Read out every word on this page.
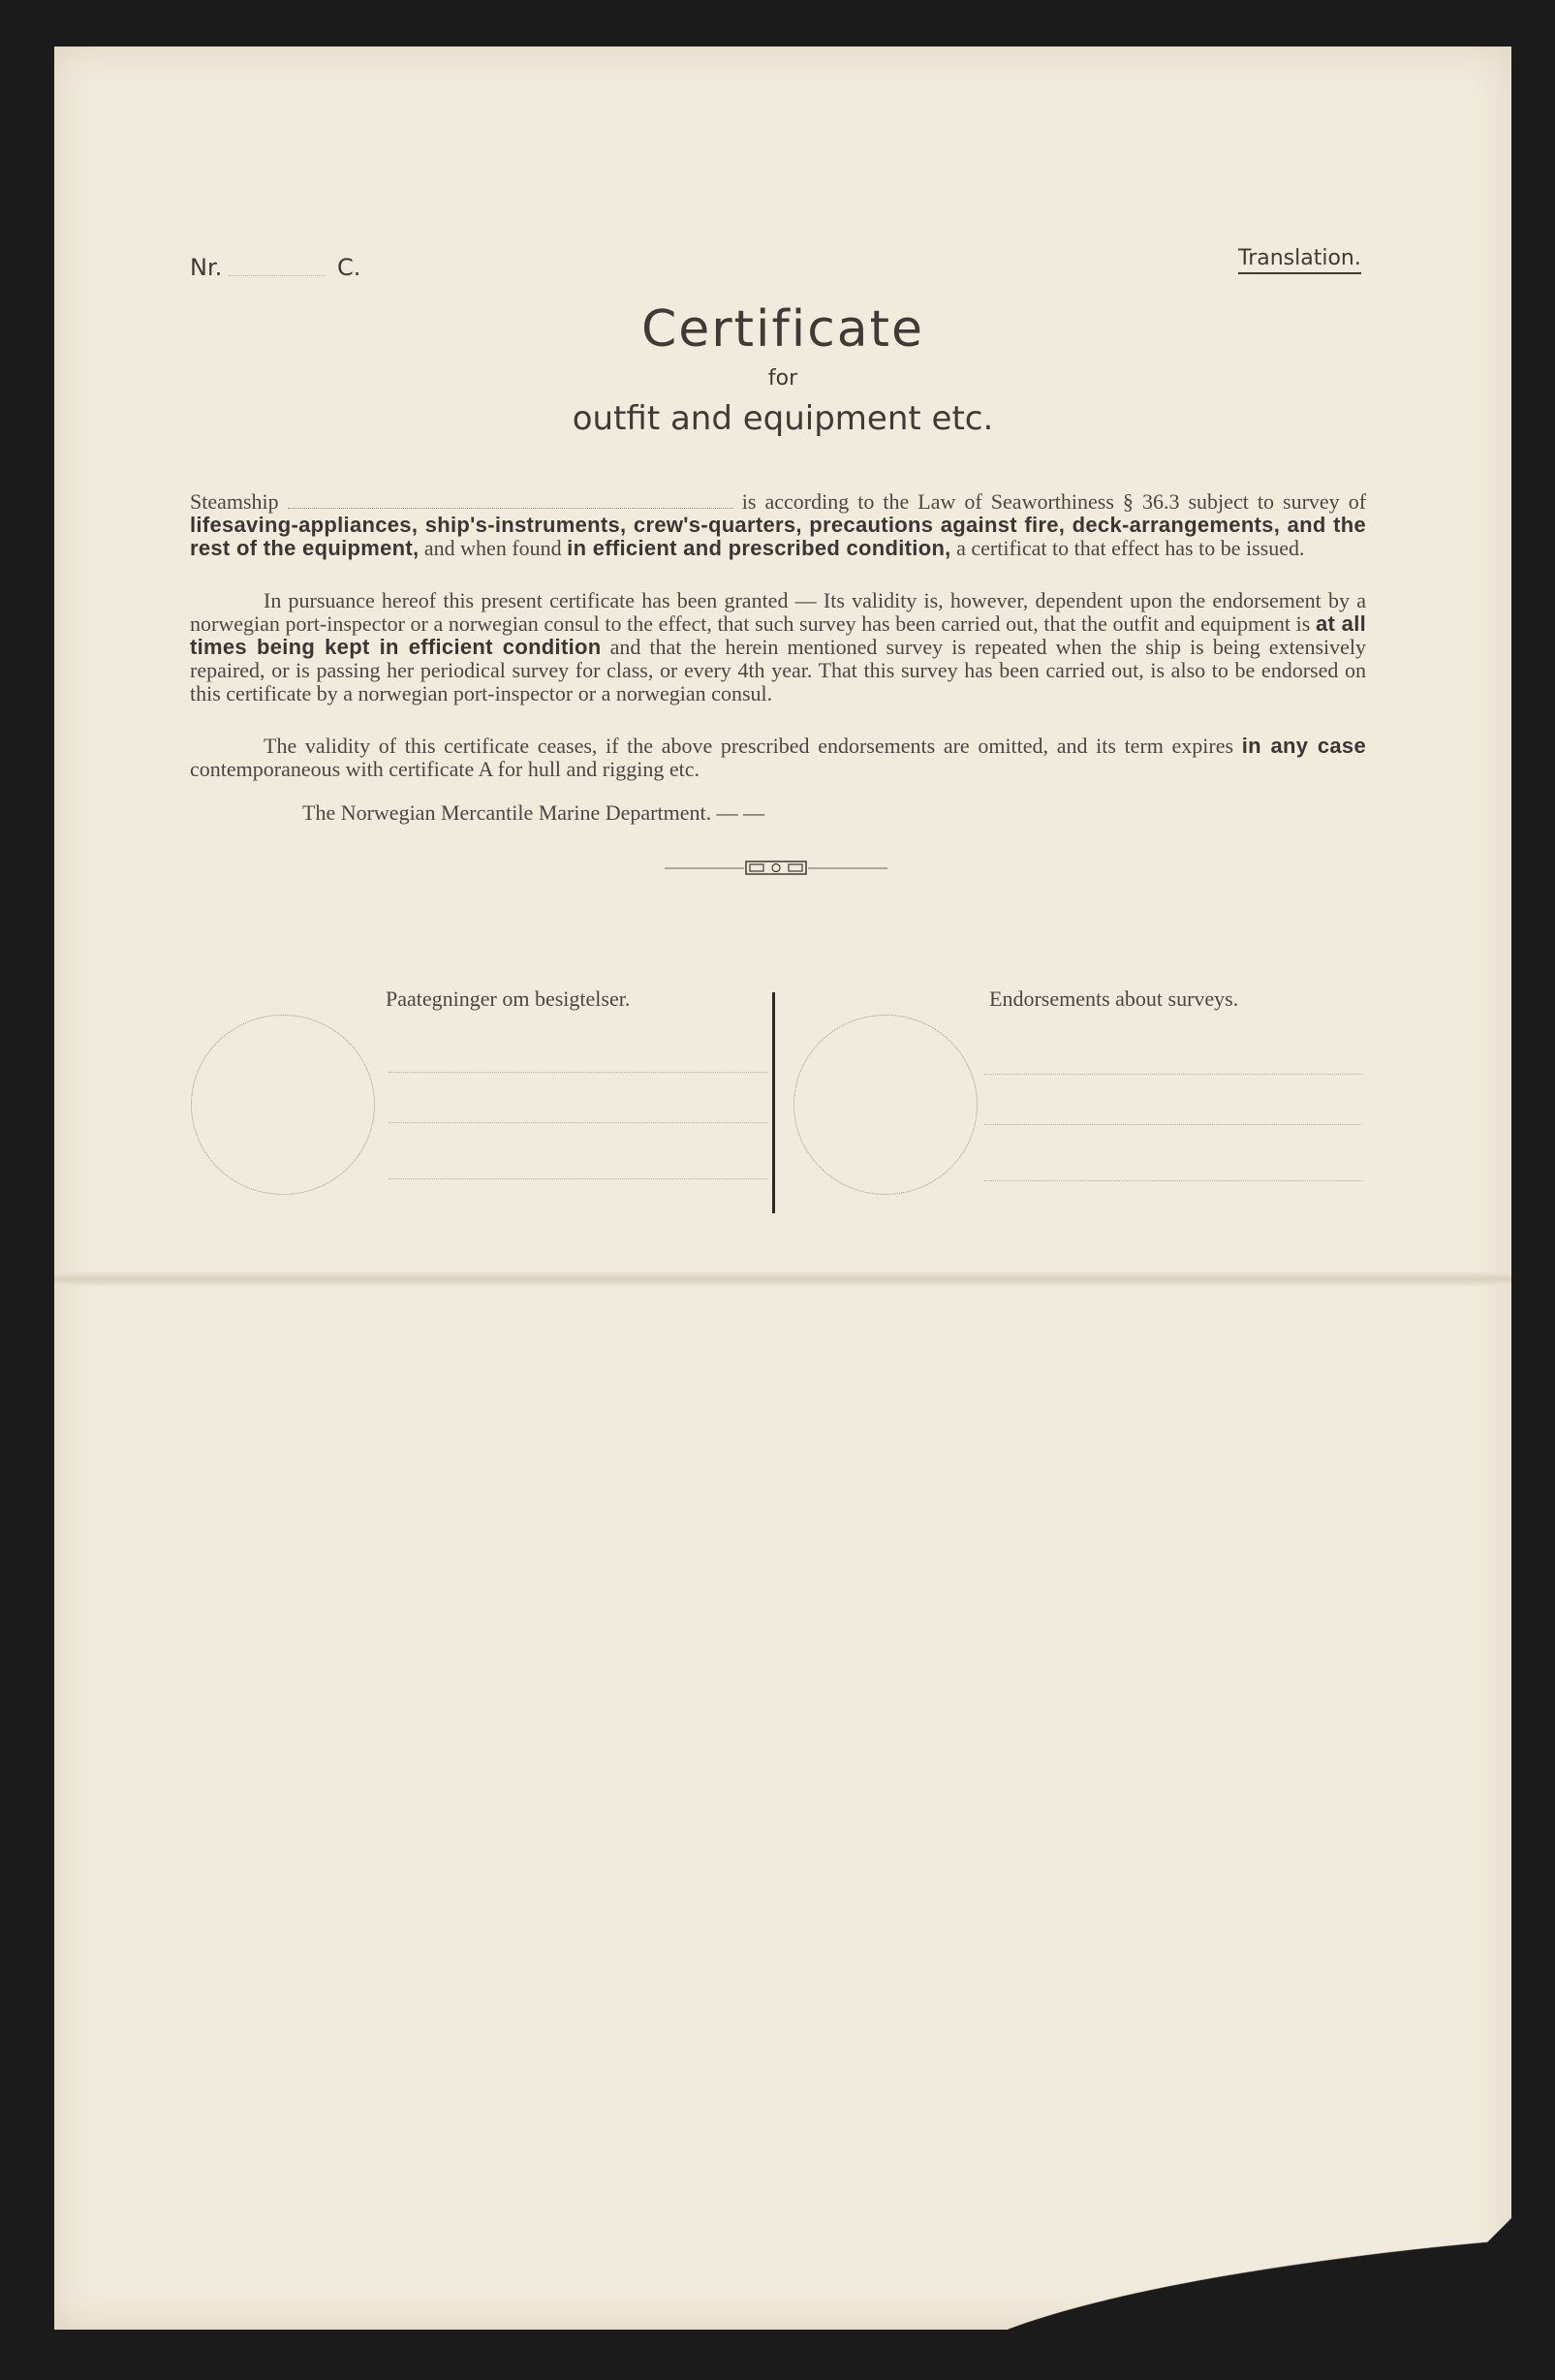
Nr.	C.	Translation.
Certificate
for
outfit and equipment etc.
Steamship	is according to the Law of Seaworthiness § 36.3 subject to survey of lifesaving-appliances, ship's-instruments, crew's-quarters, precautions against fire, deck-arrangements, and the rest of the equipment, and when found in efficient and prescribed condition, a certificat to that effect has to be issued.
In pursuance hereof this present certificate has been granted — Its validity is, however, dependent upon the endorsement by a norwegian port-inspector or a norwegian consul to the effect, that such survey has been carried out, that the outfit and equipment is at all times being kept in efficient condition and that the herein mentioned survey is repeated when the ship is being extensively repaired, or is passing her periodical survey for class, or every 4th year. That this survey has been carried out, is also to be endorsed on this certificate by a norwegian port-inspector or a norwegian consul.
The validity of this certificate ceases, if the above prescribed endorsements are omitted, and its term expires in any case contemporaneous with certificate A for hull and rigging etc.
The Norwegian Mercantile Marine Department. — —
Paategninger om besigtelser.	Endorsements about surveys.
